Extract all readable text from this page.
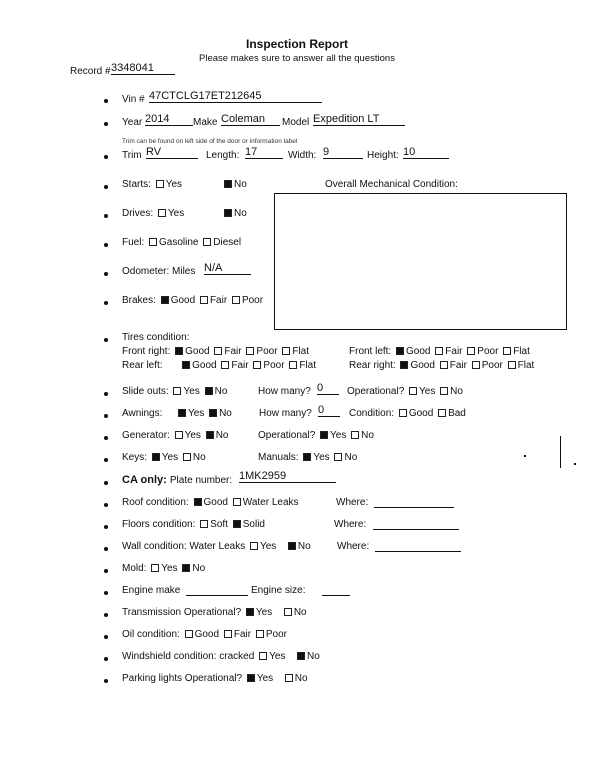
Inspection Report
Please makes sure to answer all the questions
Record # 3348041
Vin # 47CTCLG17ET212645
Year 2014	Make Coleman	Model Expedition LT
Trim can be found on left side of the door or information label
Trim RV	Length: 17	Width: 9	Height: 10
Starts: Yes	No	Overall Mechanical Condition:
Drives: Yes	No
Fuel: Gasoline Diesel
Odometer: Miles N/A
Brakes: Good Fair Poor
Tires condition:
Front right: Good Fair Poor Flat	Front left: Good Fair Poor Flat
Rear left:	Good Fair Poor Flat	Rear right: Good Fair Poor Flat
Slide outs: Yes No	How many? 0	Operational? Yes No
Awnings:	Yes No	How many? 0	Condition: Good Bad
Generator: Yes No	Operational? Yes No
Keys: Yes No	Manuals: Yes No
CA only: Plate number: 1MK2959
Roof condition: Good Water Leaks	Where:
Floors condition: Soft Solid	Where:
Wall condition: Water Leaks Yes No	Where:
Mold: Yes No
Engine make	Engine size:
Transmission Operational? Yes No
Oil condition: Good Fair Poor
Windshield condition: cracked Yes No
Parking lights Operational? Yes No
